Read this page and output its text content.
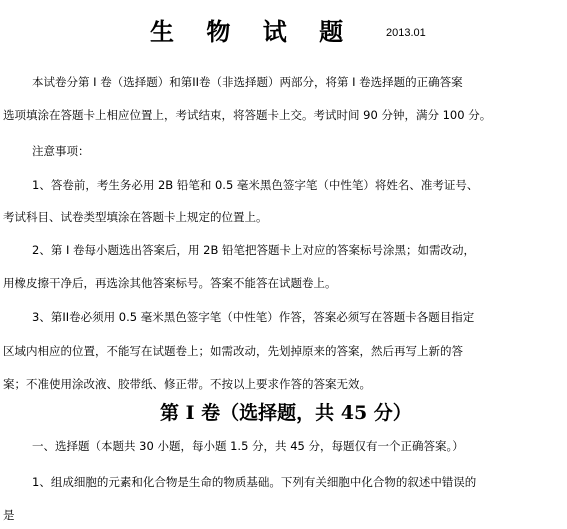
生 物 试 题	2013.01
本试卷分第 I 卷（选择题）和第II卷（非选择题）两部分，将第 I 卷选择题的正确答案
选项填涂在答题卡上相应位置上，考试结束，将答题卡上交。考试时间 90 分钟，满分 100 分。
注意事项：
1、答卷前，考生务必用 2B 铅笔和 0.5 毫米黑色签字笔（中性笔）将姓名、准考证号、
考试科目、试卷类型填涂在答题卡上规定的位置上。
2、第 I 卷每小题选出答案后，用 2B 铅笔把答题卡上对应的答案标号涂黑；如需改动，
用橡皮擦干净后，再选涂其他答案标号。答案不能答在试题卷上。
3、第II卷必须用 0.5 毫米黑色签字笔（中性笔）作答，答案必须写在答题卡各题目指定
区域内相应的位置，不能写在试题卷上；如需改动，先划掉原来的答案，然后再写上新的答
案；不准使用涂改液、胶带纸、修正带。不按以上要求作答的答案无效。
第 I 卷（选择题，共 45 分）
一、选择题（本题共 30 小题，每小题 1.5 分，共 45 分，每题仅有一个正确答案。）
1、组成细胞的元素和化合物是生命的物质基础。下列有关细胞中化合物的叙述中错误的
是
